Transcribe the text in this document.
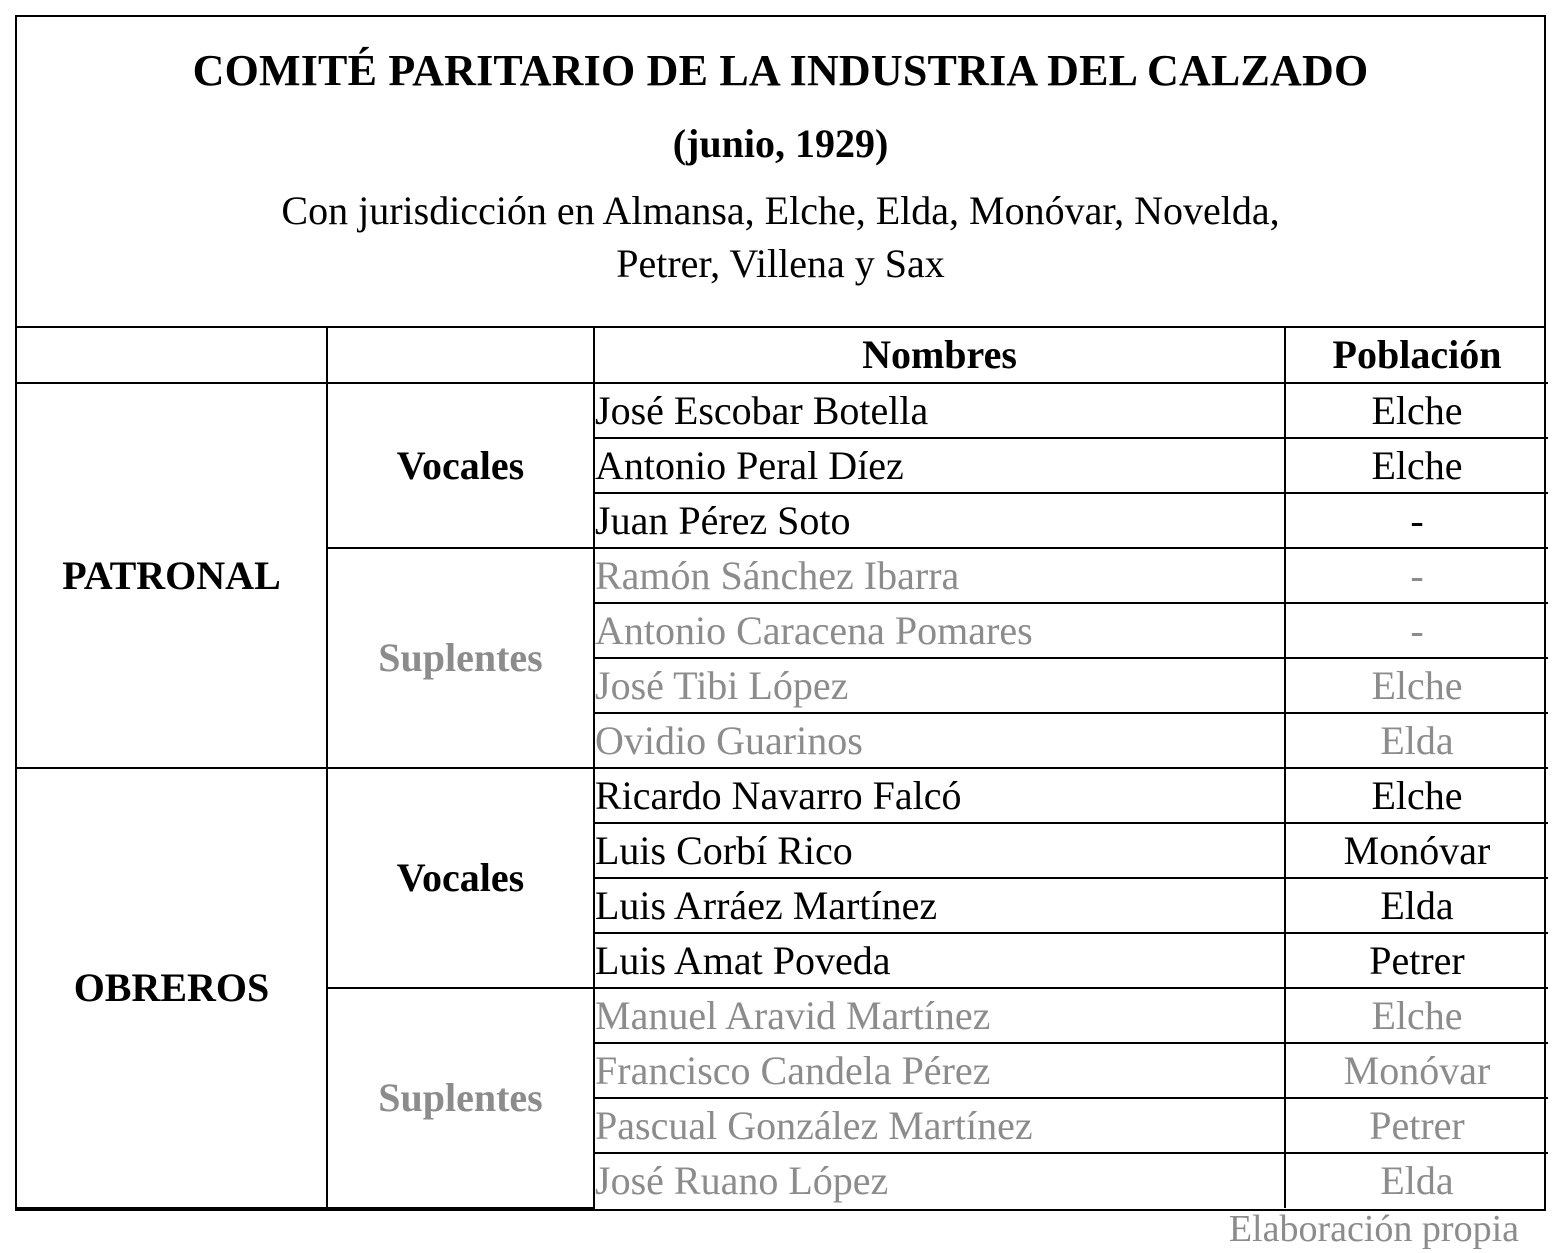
COMITÉ PARITARIO DE LA INDUSTRIA DEL CALZADO
(junio, 1929)
Con jurisdicción en Almansa, Elche, Elda, Monóvar, Novelda,
Petrer, Villena y Sax
		Nombres	Población
PATRONAL	Vocales	José Escobar Botella	Elche
		Antonio Peral Díez	Elche
		Juan Pérez Soto	-
	Suplentes	Ramón Sánchez Ibarra	-
		Antonio Caracena Pomares	-
		José Tibi López	Elche
		Ovidio Guarinos	Elda
OBREROS	Vocales	Ricardo Navarro Falcó	Elche
		Luis Corbí Rico	Monóvar
		Luis Arráez Martínez	Elda
		Luis Amat Poveda	Petrer
	Suplentes	Manuel Aravid Martínez	Elche
		Francisco Candela Pérez	Monóvar
		Pascual González Martínez	Petrer
		José Ruano López	Elda
Elaboración propia
